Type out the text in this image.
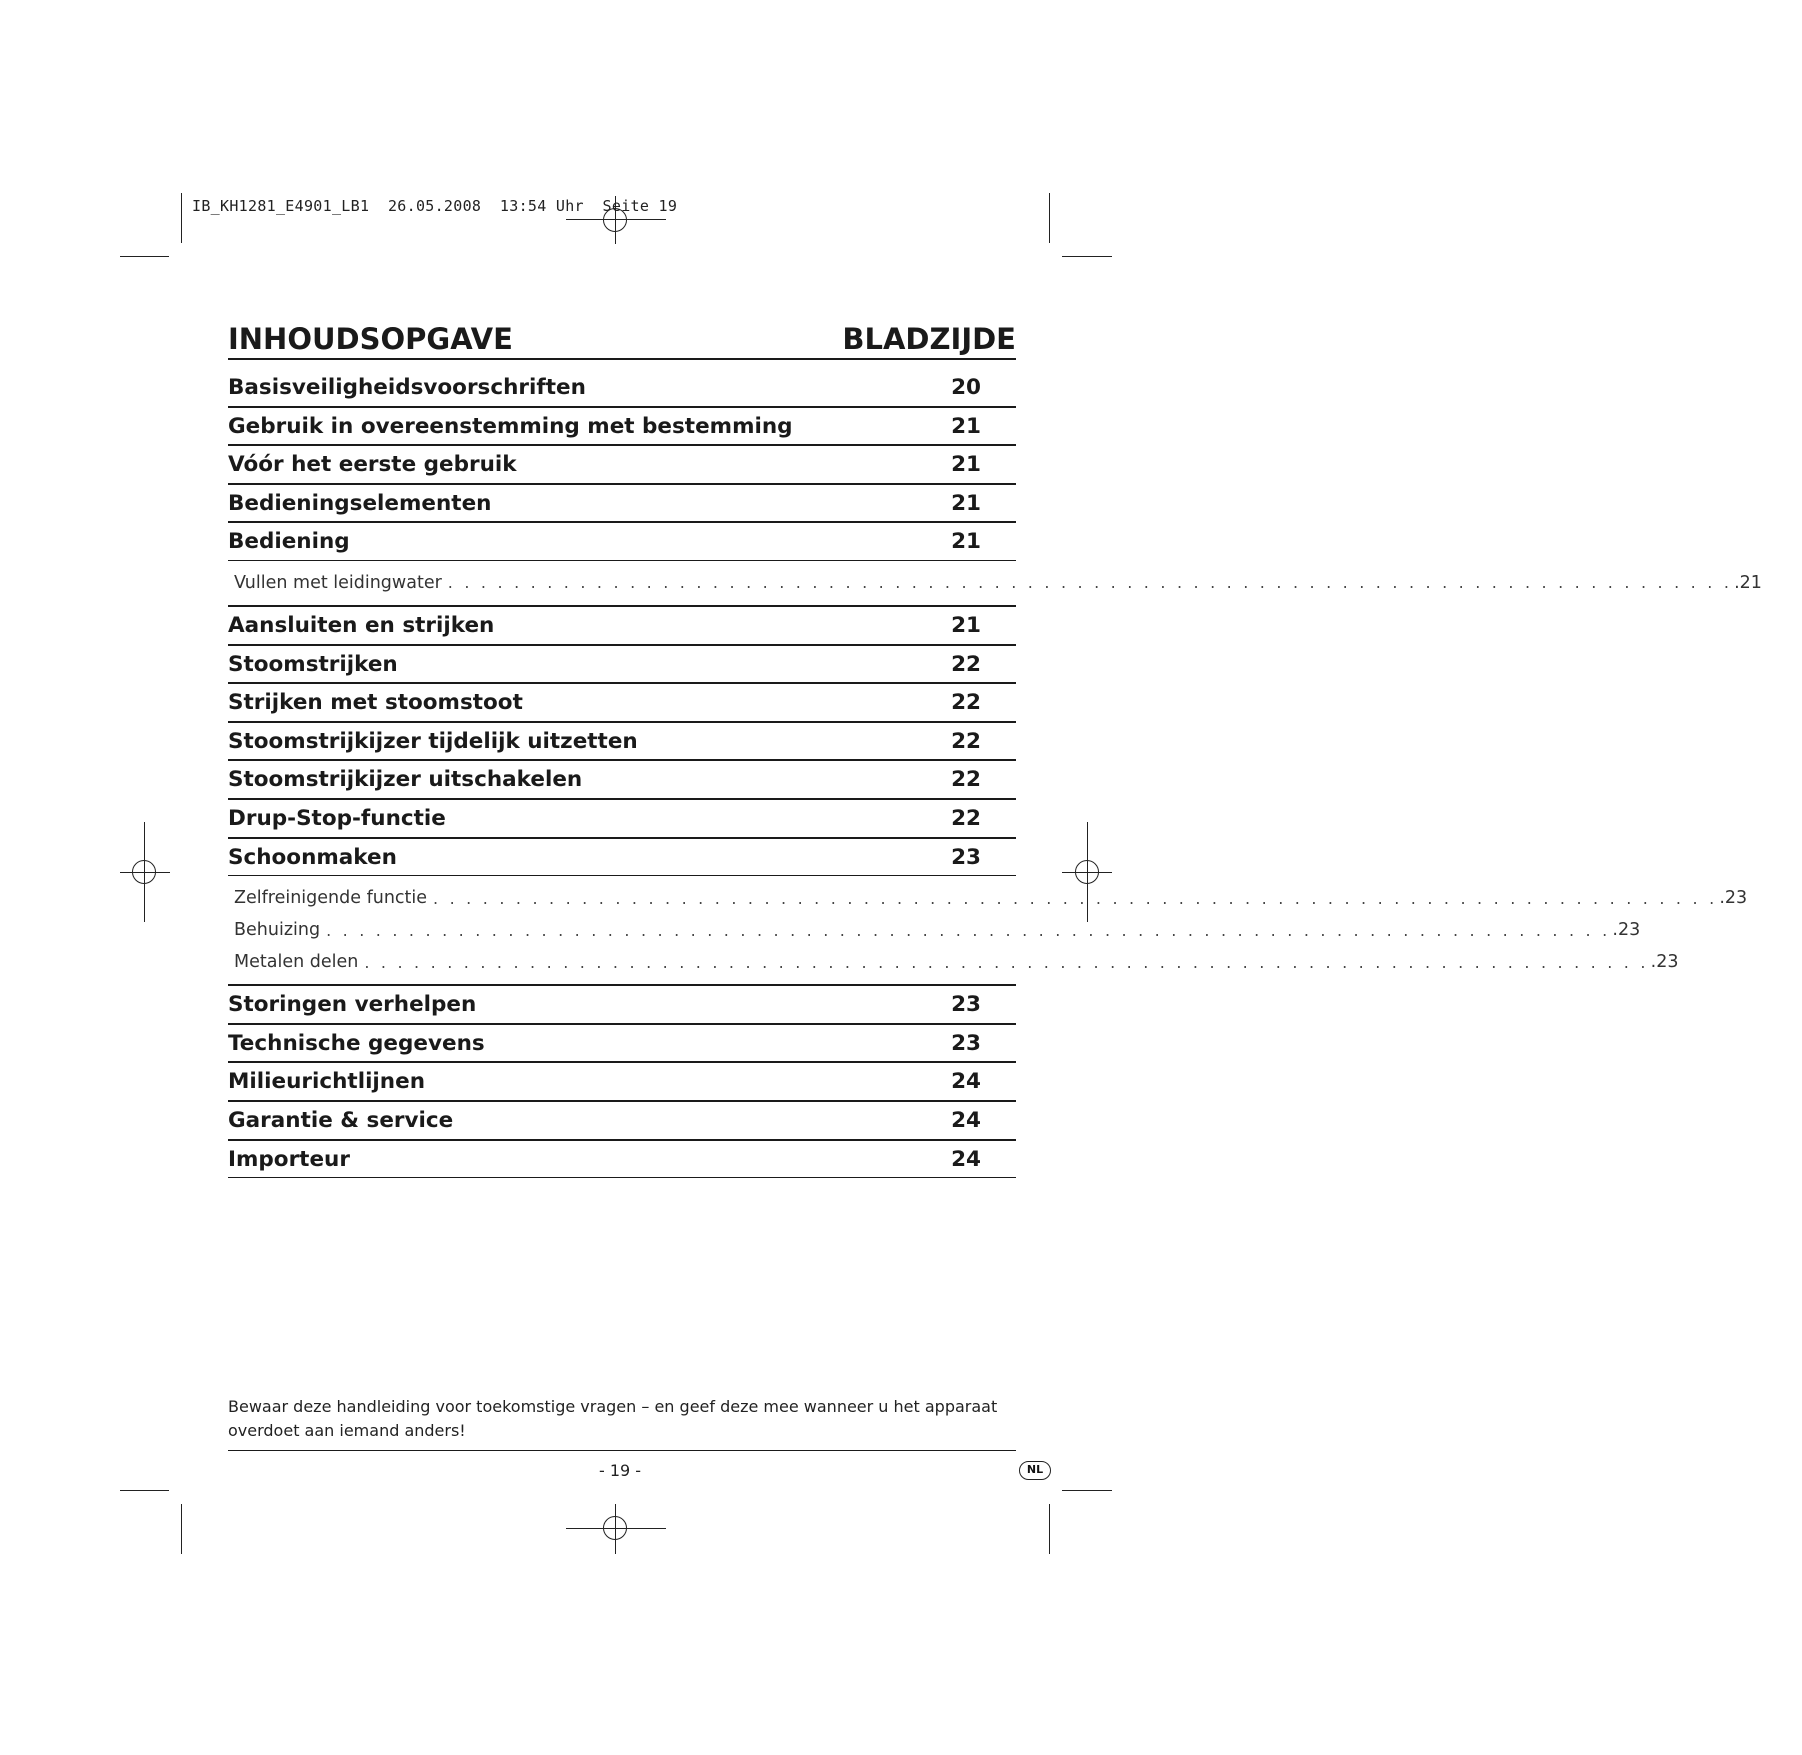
IB_KH1281_E4901_LB1  26.05.2008  13:54 Uhr  Seite 19
INHOUDSOPGAVE	BLADZIJDE
Basisveiligheidsvoorschriften	20
Gebruik in overeenstemming met bestemming	21
Vóór het eerste gebruik	21
Bedieningselementen	21
Bediening	21
Vullen met leidingwater . . . . . . . . . . . . . . . . . . . . . . . . . . . . . . . . . . . . . . . . . . . . . . . . . . . . . . . . . . . . . . . . . . . . . . . . . . . . . . .21
Aansluiten en strijken	21
Stoomstrijken	22
Strijken met stoomstoot	22
Stoomstrijkijzer tijdelijk uitzetten	22
Stoomstrijkijzer uitschakelen	22
Drup-Stop-functie	22
Schoonmaken	23
Zelfreinigende functie . . . . . . . . . . . . . . . . . . . . . . . . . . . . . . . . . . . . . . . . . . . . . . . . . . . . . . . . . . . . . . . . . . . . . . . . . . . . . . .23
Behuizing . . . . . . . . . . . . . . . . . . . . . . . . . . . . . . . . . . . . . . . . . . . . . . . . . . . . . . . . . . . . . . . . . . . . . . . . . . . . . . .23
Metalen delen . . . . . . . . . . . . . . . . . . . . . . . . . . . . . . . . . . . . . . . . . . . . . . . . . . . . . . . . . . . . . . . . . . . . . . . . . . . . . . .23
Storingen verhelpen	23
Technische gegevens	23
Milieurichtlijnen	24
Garantie & service	24
Importeur	24
Bewaar deze handleiding voor toekomstige vragen – en geef deze mee wanneer u het apparaat overdoet aan iemand anders!
- 19 -	NL
